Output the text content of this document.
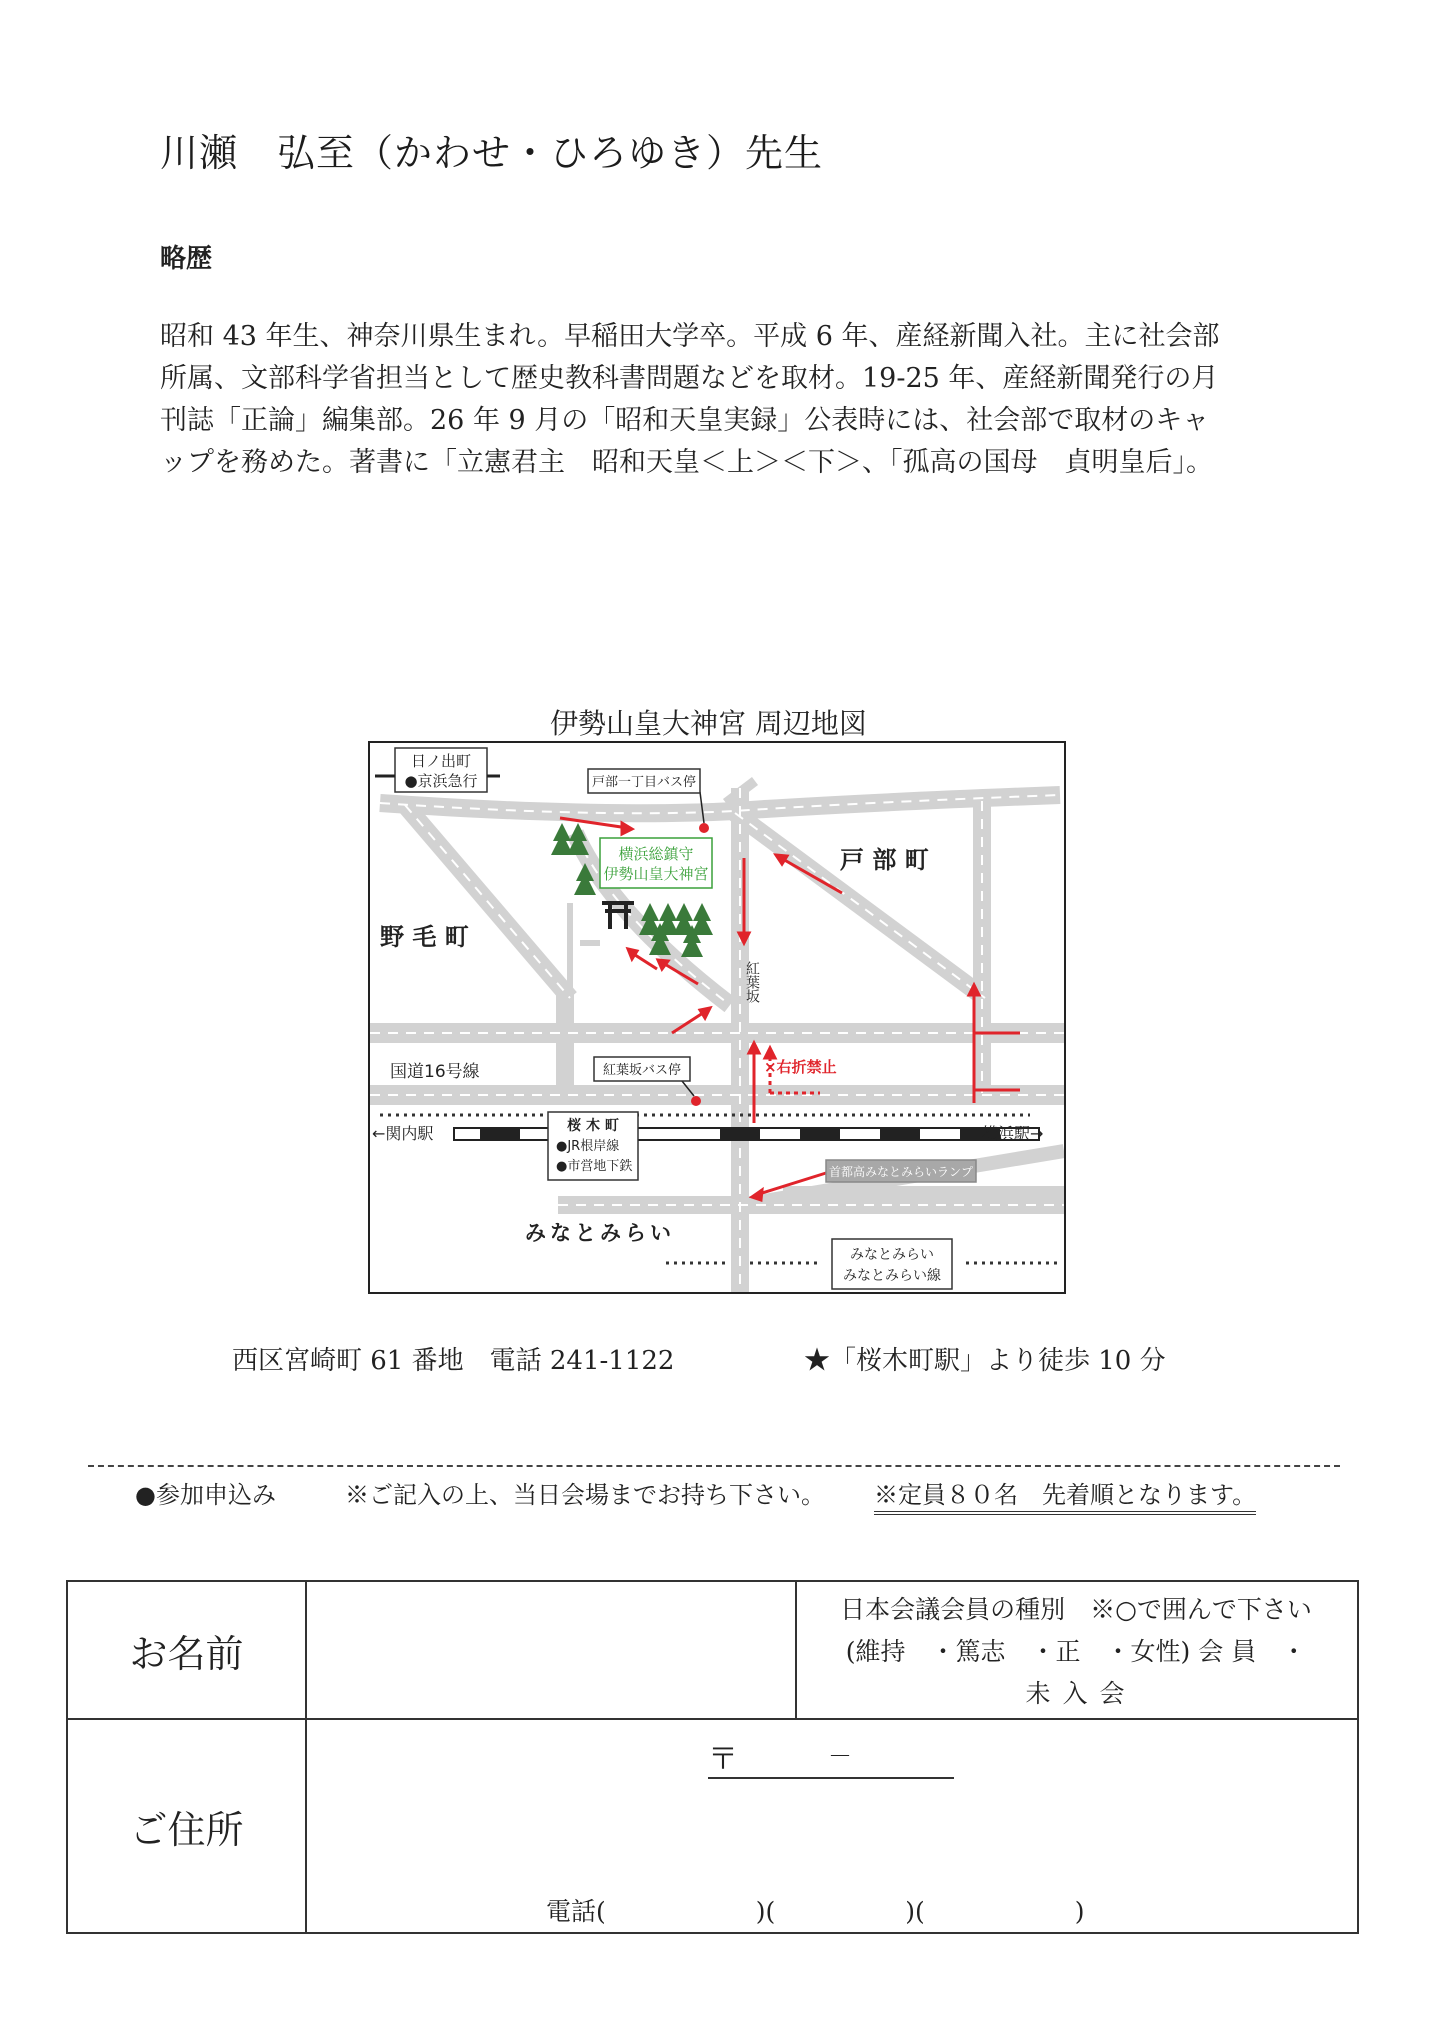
川瀬　弘至（かわせ・ひろゆき）先生
略歴
昭和 43 年生、神奈川県生まれ。早稲田大学卒。平成 6 年、産経新聞入社。主に社会部
所属、文部科学省担当として歴史教科書問題などを取材。19-25 年、産経新聞発行の月
刊誌「正論」編集部。26 年 9 月の「昭和天皇実録」公表時には、社会部で取材のキャ
ップを務めた。著書に「立憲君主　昭和天皇＜上＞＜下＞、「孤高の国母　貞明皇后」。
伊勢山皇大神宮 周辺地図
日ノ出町
●京浜急行	戸部一丁目バス停
横浜総鎮守
伊勢山皇大神宮	戸 部 町
野 毛 町
紅葉坂
国道16号線	紅葉坂バス停	×右折禁止
桜 木 町
●JR根岸線
●市営地下鉄
←関内駅	横浜駅→
首都高みなとみらいランプ
みなとみらい
みなとみらい
みなとみらい線
西区宮崎町 61 番地　電話 241-1122	★「桜木町駅」より徒歩 10 分
●参加申込み	※ご記入の上、当日会場までお持ち下さい。 ※定員８０名　先着順となります。
お名前
日本会議会員の種別　※○で囲んで下さい
(維持　・篤志　・正　・女性) 会 員　・
未 入 会
ご住所
〒	－
電話(	)(	)(	)
